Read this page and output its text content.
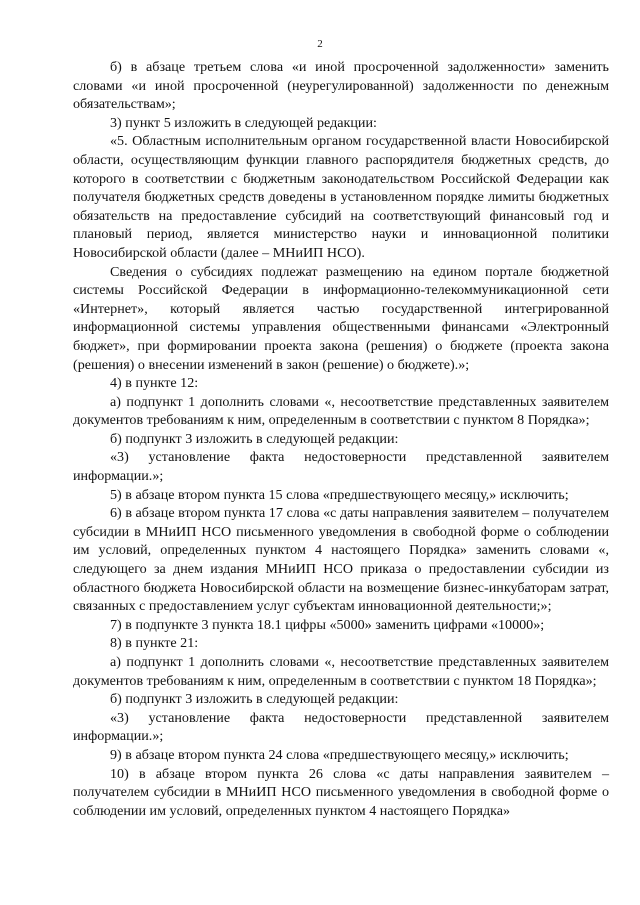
2

б) в абзаце третьем слова «и иной просроченной задолженности» заменить словами «и иной просроченной (неурегулированной) задолженности по денежным обязательствам»;

3) пункт 5 изложить в следующей редакции:

«5. Областным исполнительным органом государственной власти Новосибирской области, осуществляющим функции главного распорядителя бюджетных средств, до которого в соответствии с бюджетным законодательством Российской Федерации как получателя бюджетных средств доведены в установленном порядке лимиты бюджетных обязательств на предоставление субсидий на соответствующий финансовый год и плановый период, является министерство науки и инновационной политики Новосибирской области (далее – МНиИП НСО).

Сведения о субсидиях подлежат размещению на едином портале бюджетной системы Российской Федерации в информационно-телекоммуникационной сети «Интернет», который является частью государственной интегрированной информационной системы управления общественными финансами «Электронный бюджет», при формировании проекта закона (решения) о бюджете (проекта закона (решения) о внесении изменений в закон (решение) о бюджете).»;

4) в пункте 12:

а) подпункт 1 дополнить словами «, несоответствие представленных заявителем документов требованиям к ним, определенным в соответствии с пунктом 8 Порядка»;

б) подпункт 3 изложить в следующей редакции:

«3) установление факта недостоверности представленной заявителем информации.»;

5) в абзаце втором пункта 15 слова «предшествующего месяцу,» исключить;

6) в абзаце втором пункта 17 слова «с даты направления заявителем – получателем субсидии в МНиИП НСО письменного уведомления в свободной форме о соблюдении им условий, определенных пунктом 4 настоящего Порядка» заменить словами «, следующего за днем издания МНиИП НСО приказа о предоставлении субсидии из областного бюджета Новосибирской области на возмещение бизнес-инкубаторам затрат, связанных с предоставлением услуг субъектам инновационной деятельности;»;

7) в подпункте 3 пункта 18.1 цифры «5000» заменить цифрами «10000»;

8) в пункте 21:

а) подпункт 1 дополнить словами «, несоответствие представленных заявителем документов требованиям к ним, определенным в соответствии с пунктом 18 Порядка»;

б) подпункт 3 изложить в следующей редакции:

«3) установление факта недостоверности представленной заявителем информации.»;

9) в абзаце втором пункта 24 слова «предшествующего месяцу,» исключить;

10) в абзаце втором пункта 26 слова «с даты направления заявителем – получателем субсидии в МНиИП НСО письменного уведомления в свободной форме о соблюдении им условий, определенных пунктом 4 настоящего Порядка»
